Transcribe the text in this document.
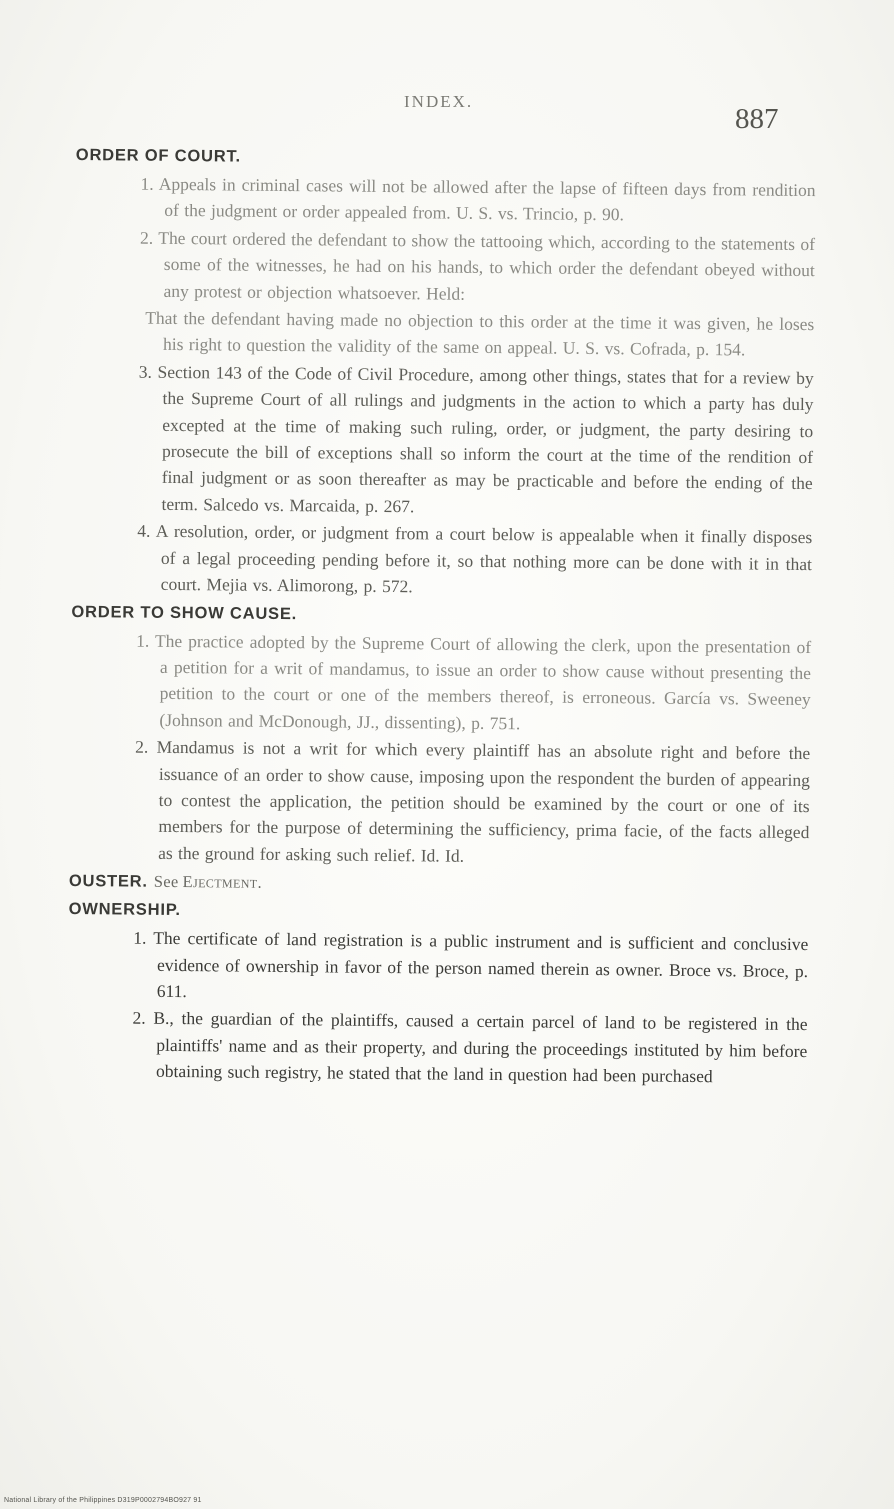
INDEX.
887
ORDER OF COURT.

1. Appeals in criminal cases will not be allowed after the lapse of fifteen days from rendition of the judgment or order appealed from. U. S. vs. Trincio, p. 90.

2. The court ordered the defendant to show the tattooing which, according to the statements of some of the witnesses, he had on his hands, to which order the defendant obeyed without any protest or objection whatsoever. Held:

That the defendant having made no objection to this order at the time it was given, he loses his right to question the validity of the same on appeal. U. S. vs. Cofrada, p. 154.

3. Section 143 of the Code of Civil Procedure, among other things, states that for a review by the Supreme Court of all rulings and judgments in the action to which a party has duly excepted at the time of making such ruling, order, or judgment, the party desiring to prosecute the bill of exceptions shall so inform the court at the time of the rendition of final judgment or as soon thereafter as may be practicable and before the ending of the term. Salcedo vs. Marcaida, p. 267.

4. A resolution, order, or judgment from a court below is appealable when it finally disposes of a legal proceeding pending before it, so that nothing more can be done with it in that court. Mejia vs. Alimorong, p. 572.

ORDER TO SHOW CAUSE.

1. The practice adopted by the Supreme Court of allowing the clerk, upon the presentation of a petition for a writ of mandamus, to issue an order to show cause without presenting the petition to the court or one of the members thereof, is erroneous. García vs. Sweeney (Johnson and McDonough, JJ., dissenting), p. 751.

2. Mandamus is not a writ for which every plaintiff has an absolute right and before the issuance of an order to show cause, imposing upon the respondent the burden of appearing to contest the application, the petition should be examined by the court or one of its members for the purpose of determining the sufficiency, prima facie, of the facts alleged as the ground for asking such relief. Id. Id.

OUSTER. See Ejectment.
OWNERSHIP.

1. The certificate of land registration is a public instrument and is sufficient and conclusive evidence of ownership in favor of the person named therein as owner. Broce vs. Broce, p. 611.

2. B., the guardian of the plaintiffs, caused a certain parcel of land to be registered in the plaintiffs' name and as their property, and during the proceedings instituted by him before obtaining such registry, he stated that the land in question had been purchased

National Library of the Philippines D319P0002794BO927 91
